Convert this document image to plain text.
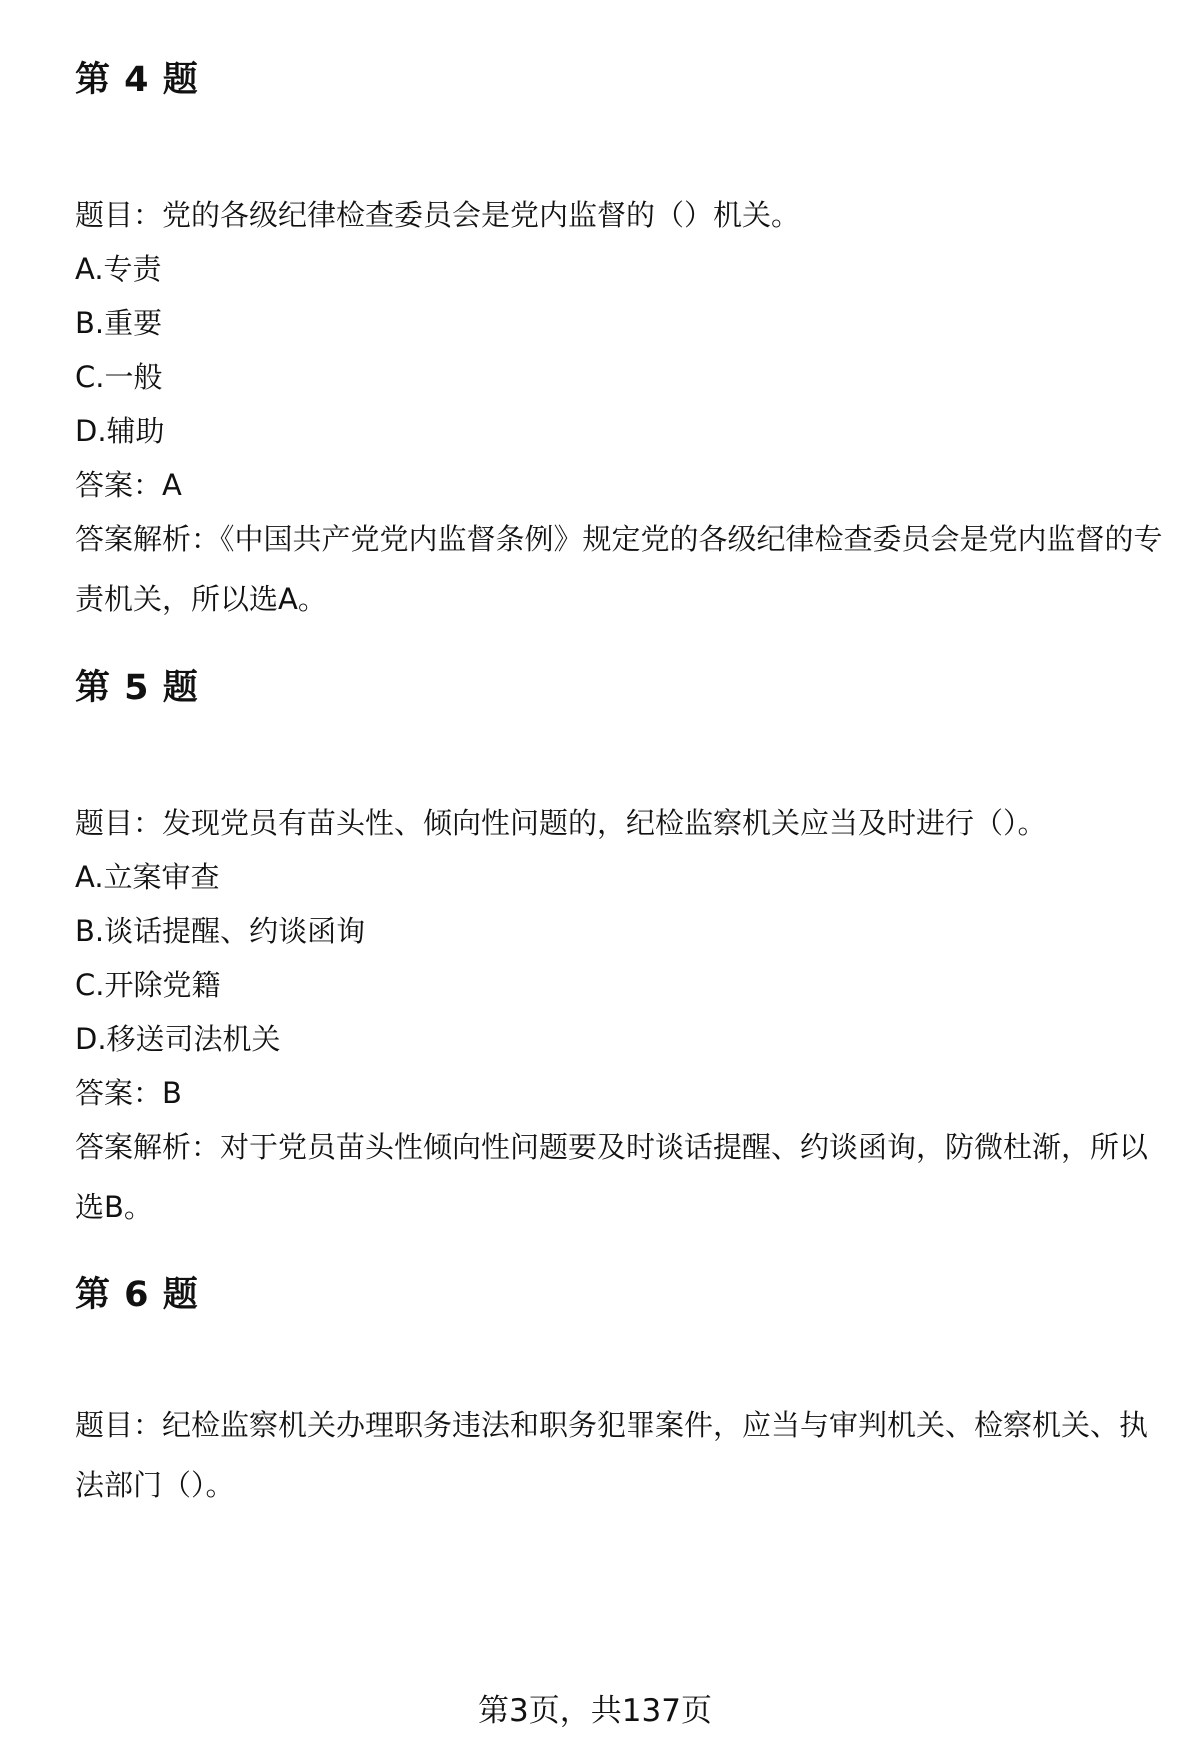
第 4 题
题目：党的各级纪律检查委员会是党内监督的（）机关。
A.专责
B.重要
C.一般
D.辅助
答案：A
答案解析：《中国共产党党内监督条例》规定党的各级纪律检查委员会是党内监督的专责机关，所以选A。
第 5 题
题目：发现党员有苗头性、倾向性问题的，纪检监察机关应当及时进行（）。
A.立案审查
B.谈话提醒、约谈函询
C.开除党籍
D.移送司法机关
答案：B
答案解析：对于党员苗头性倾向性问题要及时谈话提醒、约谈函询，防微杜渐，所以选B。
第 6 题
题目：纪检监察机关办理职务违法和职务犯罪案件，应当与审判机关、检察机关、执法部门（）。
第3页，共137页
